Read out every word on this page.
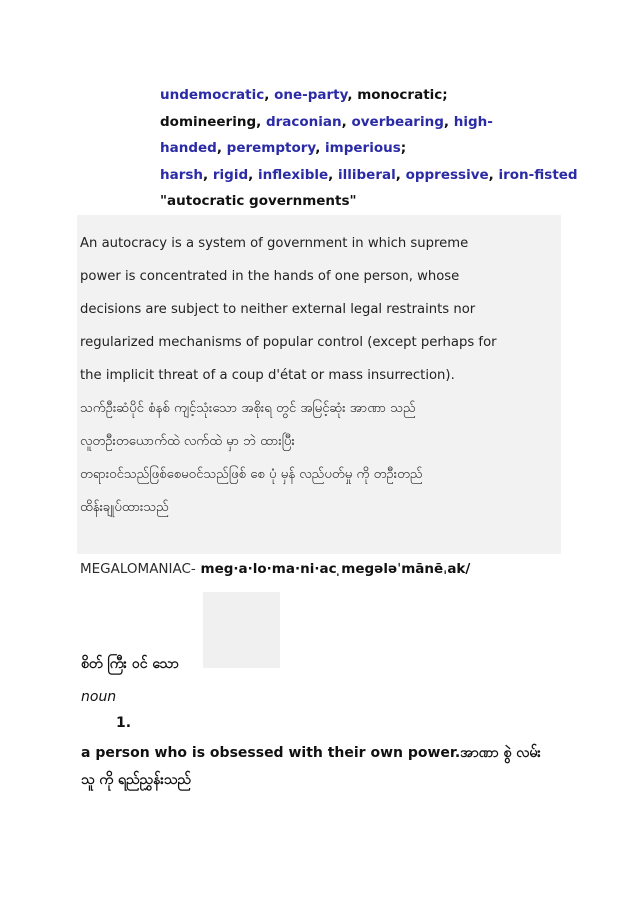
undemocratic, one-party, monocratic;
domineering, draconian, overbearing, high-
handed, peremptory, imperious;
harsh, rigid, inflexible, illiberal, oppressive, iron-fisted
"autocratic governments"
An autocracy is a system of government in which supreme
power is concentrated in the hands of one person, whose
decisions are subject to neither external legal restraints nor
regularized mechanisms of popular control (except perhaps for
the implicit threat of a coup d'état or mass insurrection).
သက်ဦးဆံပိုင် စံနစ် ကျင့်သုံးသော အစိုးရ တွင် အမြင့်ဆုံး အာဏာ သည်
လူတဦးတယောက်ထဲ လက်ထဲ မှာ ဘဲ ထားပြီး
တရားဝင်သည်ဖြစ်စေမဝင်သည်ဖြစ် စေ ပုံ မှန် လည်ပတ်မှု ကို တဦးတည်
ထိန်းချုပ်ထားသည်
MEGALOMANIAC- meg·a·lo·ma·ni·ac ̩megələˈmānēˌak/
စိတ် ကြီး ဝင် သော
noun
1.
a person who is obsessed with their own power.အာဏာ စွဲ လမ်း
သူ ကို ရည်ညွှန်းသည်
